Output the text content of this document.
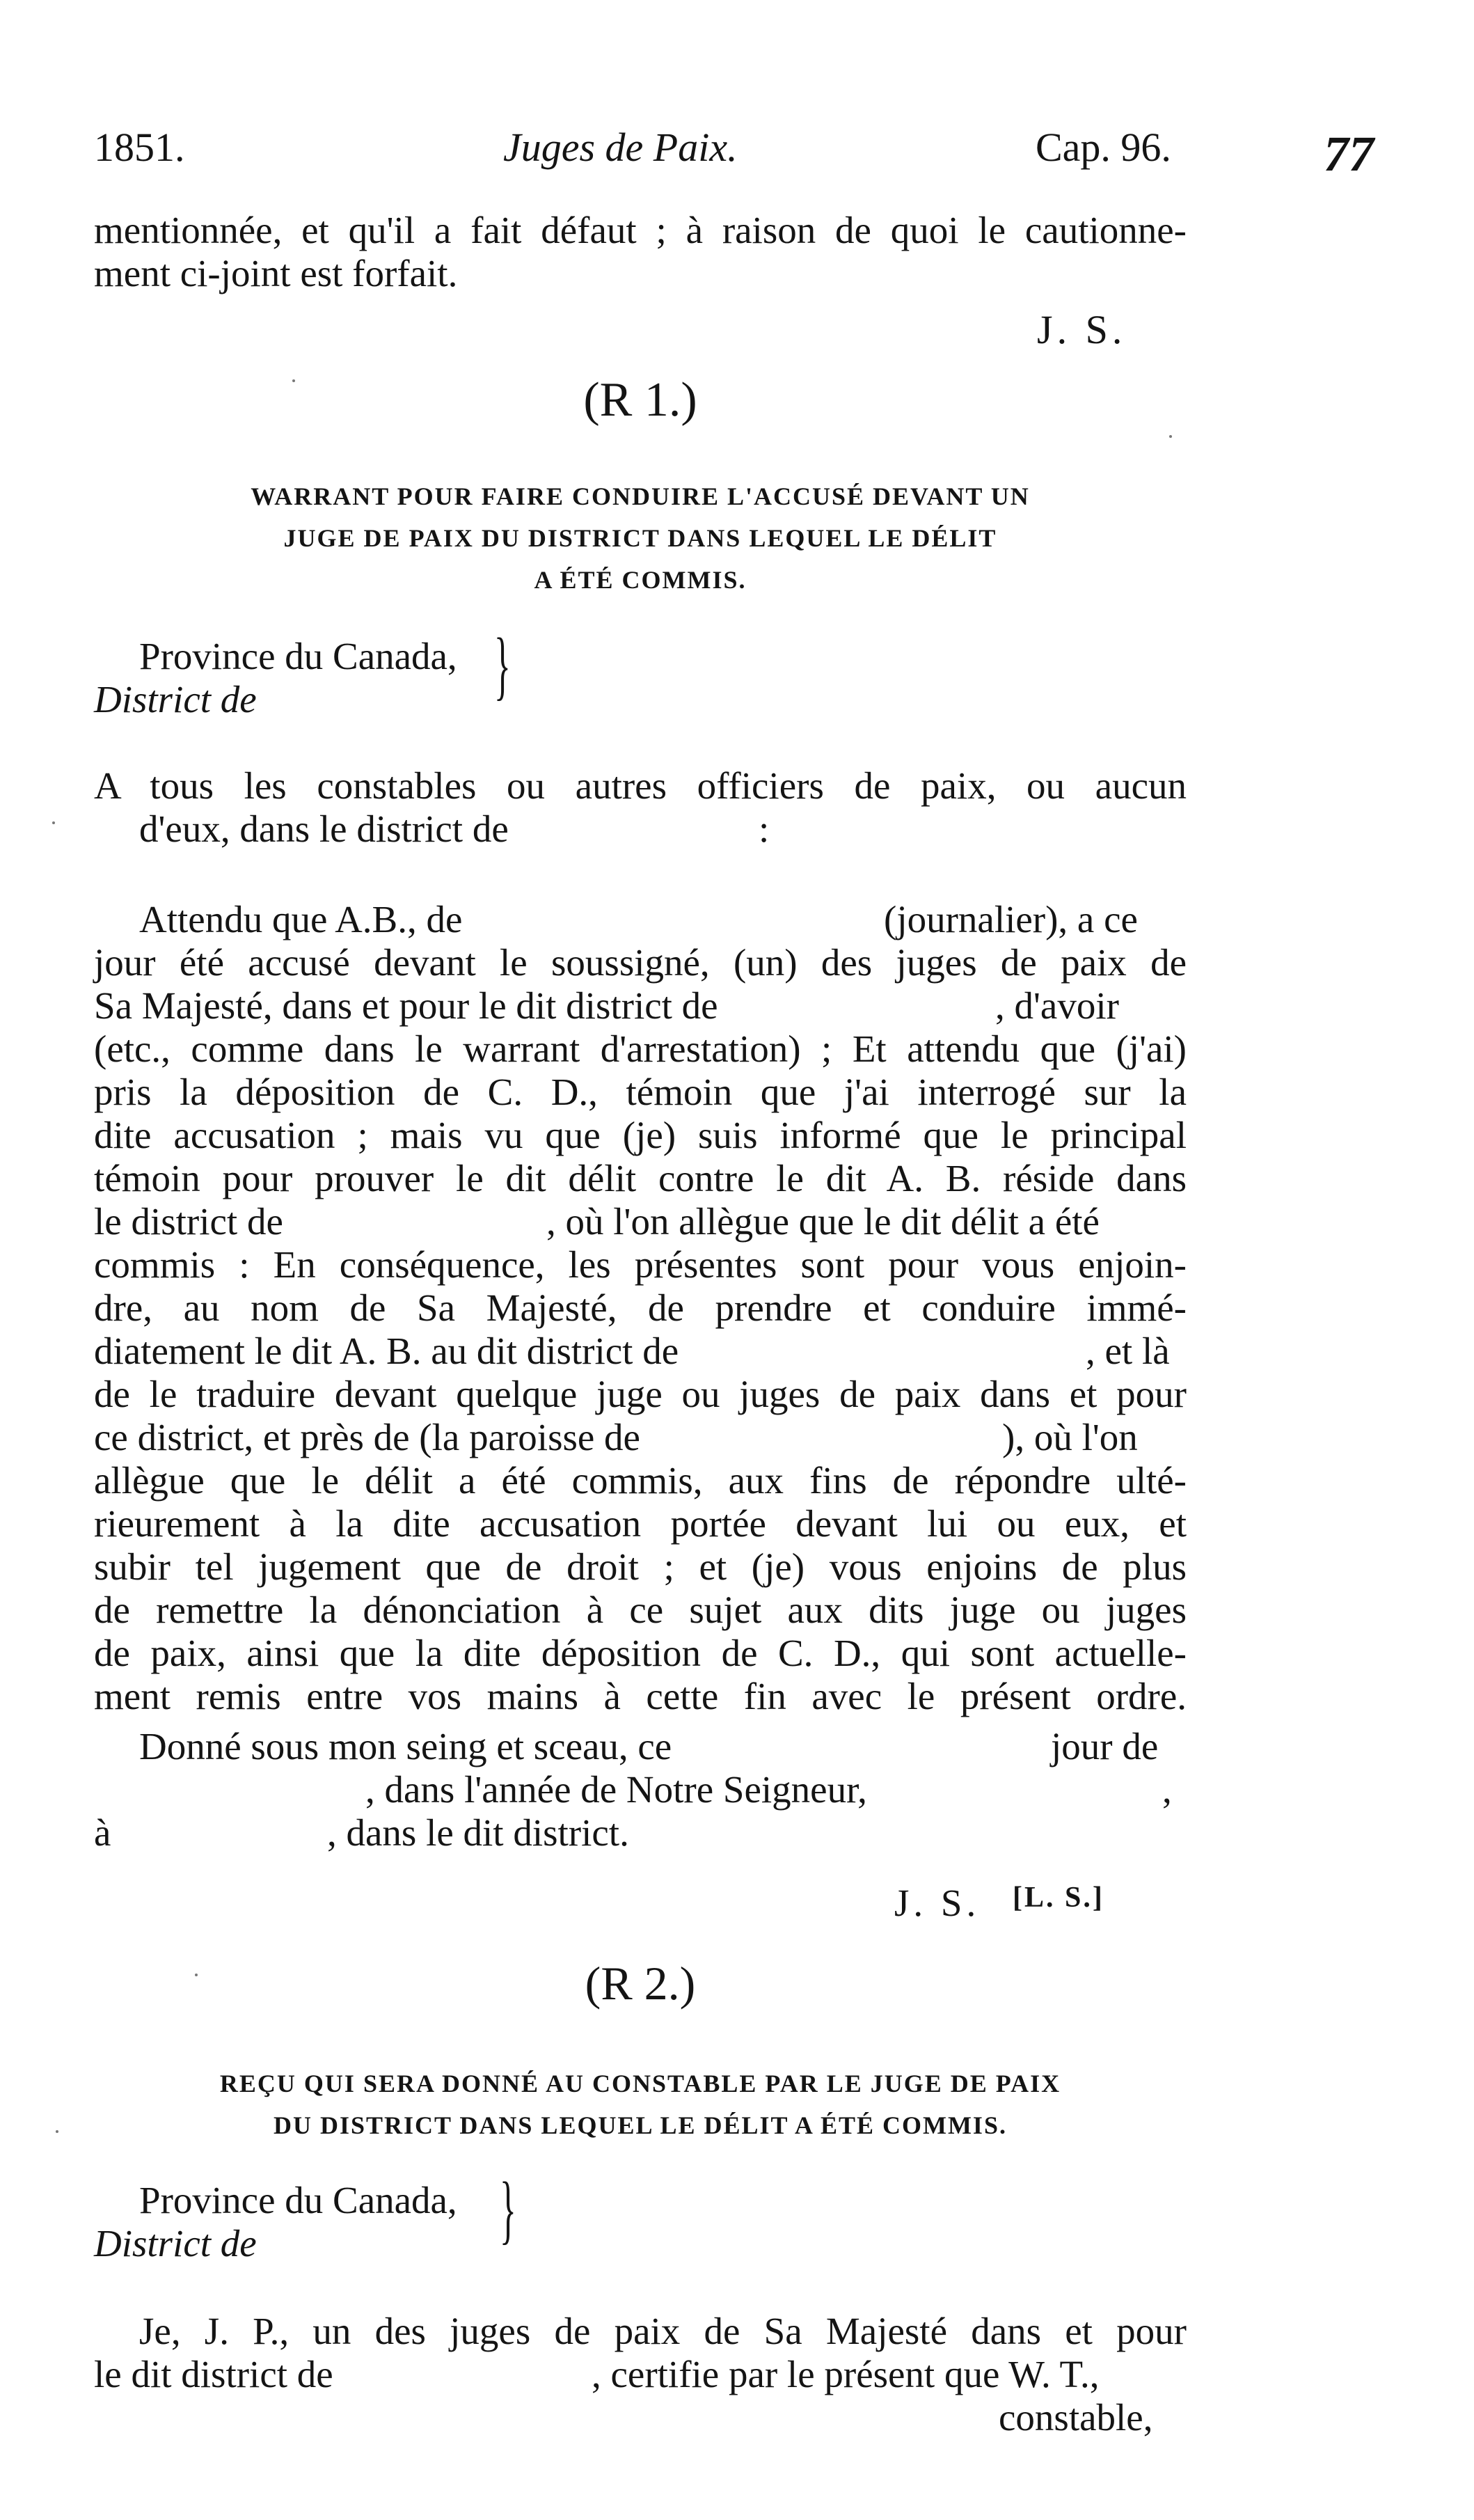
1851.	Juges de Paix.	Cap. 96.	77
mentionnée, et qu'il a fait défaut ; à raison de quoi le cautionne-
ment ci-joint est forfait.
J. S.
(R 1.)
WARRANT POUR FAIRE CONDUIRE L'ACCUSÉ DEVANT UN
JUGE DE PAIX DU DISTRICT DANS LEQUEL LE DÉLIT
A ÉTÉ COMMIS.
Province du Canada,
District de	}
A tous les constables ou autres officiers de paix, ou aucun
d'eux, dans le district de	:
Attendu que A.B., de	(journalier), a ce
jour été accusé devant le soussigné, (un) des juges de paix de
Sa Majesté, dans et pour le dit district de	, d'avoir
(etc., comme dans le warrant d'arrestation) ; Et attendu que (j'ai)
pris la déposition de C. D., témoin que j'ai interrogé sur la
dite accusation ; mais vu que (je) suis informé que le principal
témoin pour prouver le dit délit contre le dit A. B. réside dans
le district de	, où l'on allègue que le dit délit a été
commis : En conséquence, les présentes sont pour vous enjoin-
dre, au nom de Sa Majesté, de prendre et conduire immé-
diatement le dit A. B. au dit district de	, et là
de le traduire devant quelque juge ou juges de paix dans et pour
ce district, et près de (la paroisse de	), où l'on
allègue que le délit a été commis, aux fins de répondre ulté-
rieurement à la dite accusation portée devant lui ou eux, et
subir tel jugement que de droit ; et (je) vous enjoins de plus
de remettre la dénonciation à ce sujet aux dits juge ou juges
de paix, ainsi que la dite déposition de C. D., qui sont actuelle-
ment remis entre vos mains à cette fin avec le présent ordre.
Donné sous mon seing et sceau, ce	jour de
, dans l'année de Notre Seigneur,	,
à	, dans le dit district.
J. S. [L. S.]
(R 2.)
REÇU QUI SERA DONNÉ AU CONSTABLE PAR LE JUGE DE PAIX
DU DISTRICT DANS LEQUEL LE DÉLIT A ÉTÉ COMMIS.
Province du Canada,
District de	}
Je, J. P., un des juges de paix de Sa Majesté dans et pour
le dit district de	, certifie par le présent que W. T.,
constable,
